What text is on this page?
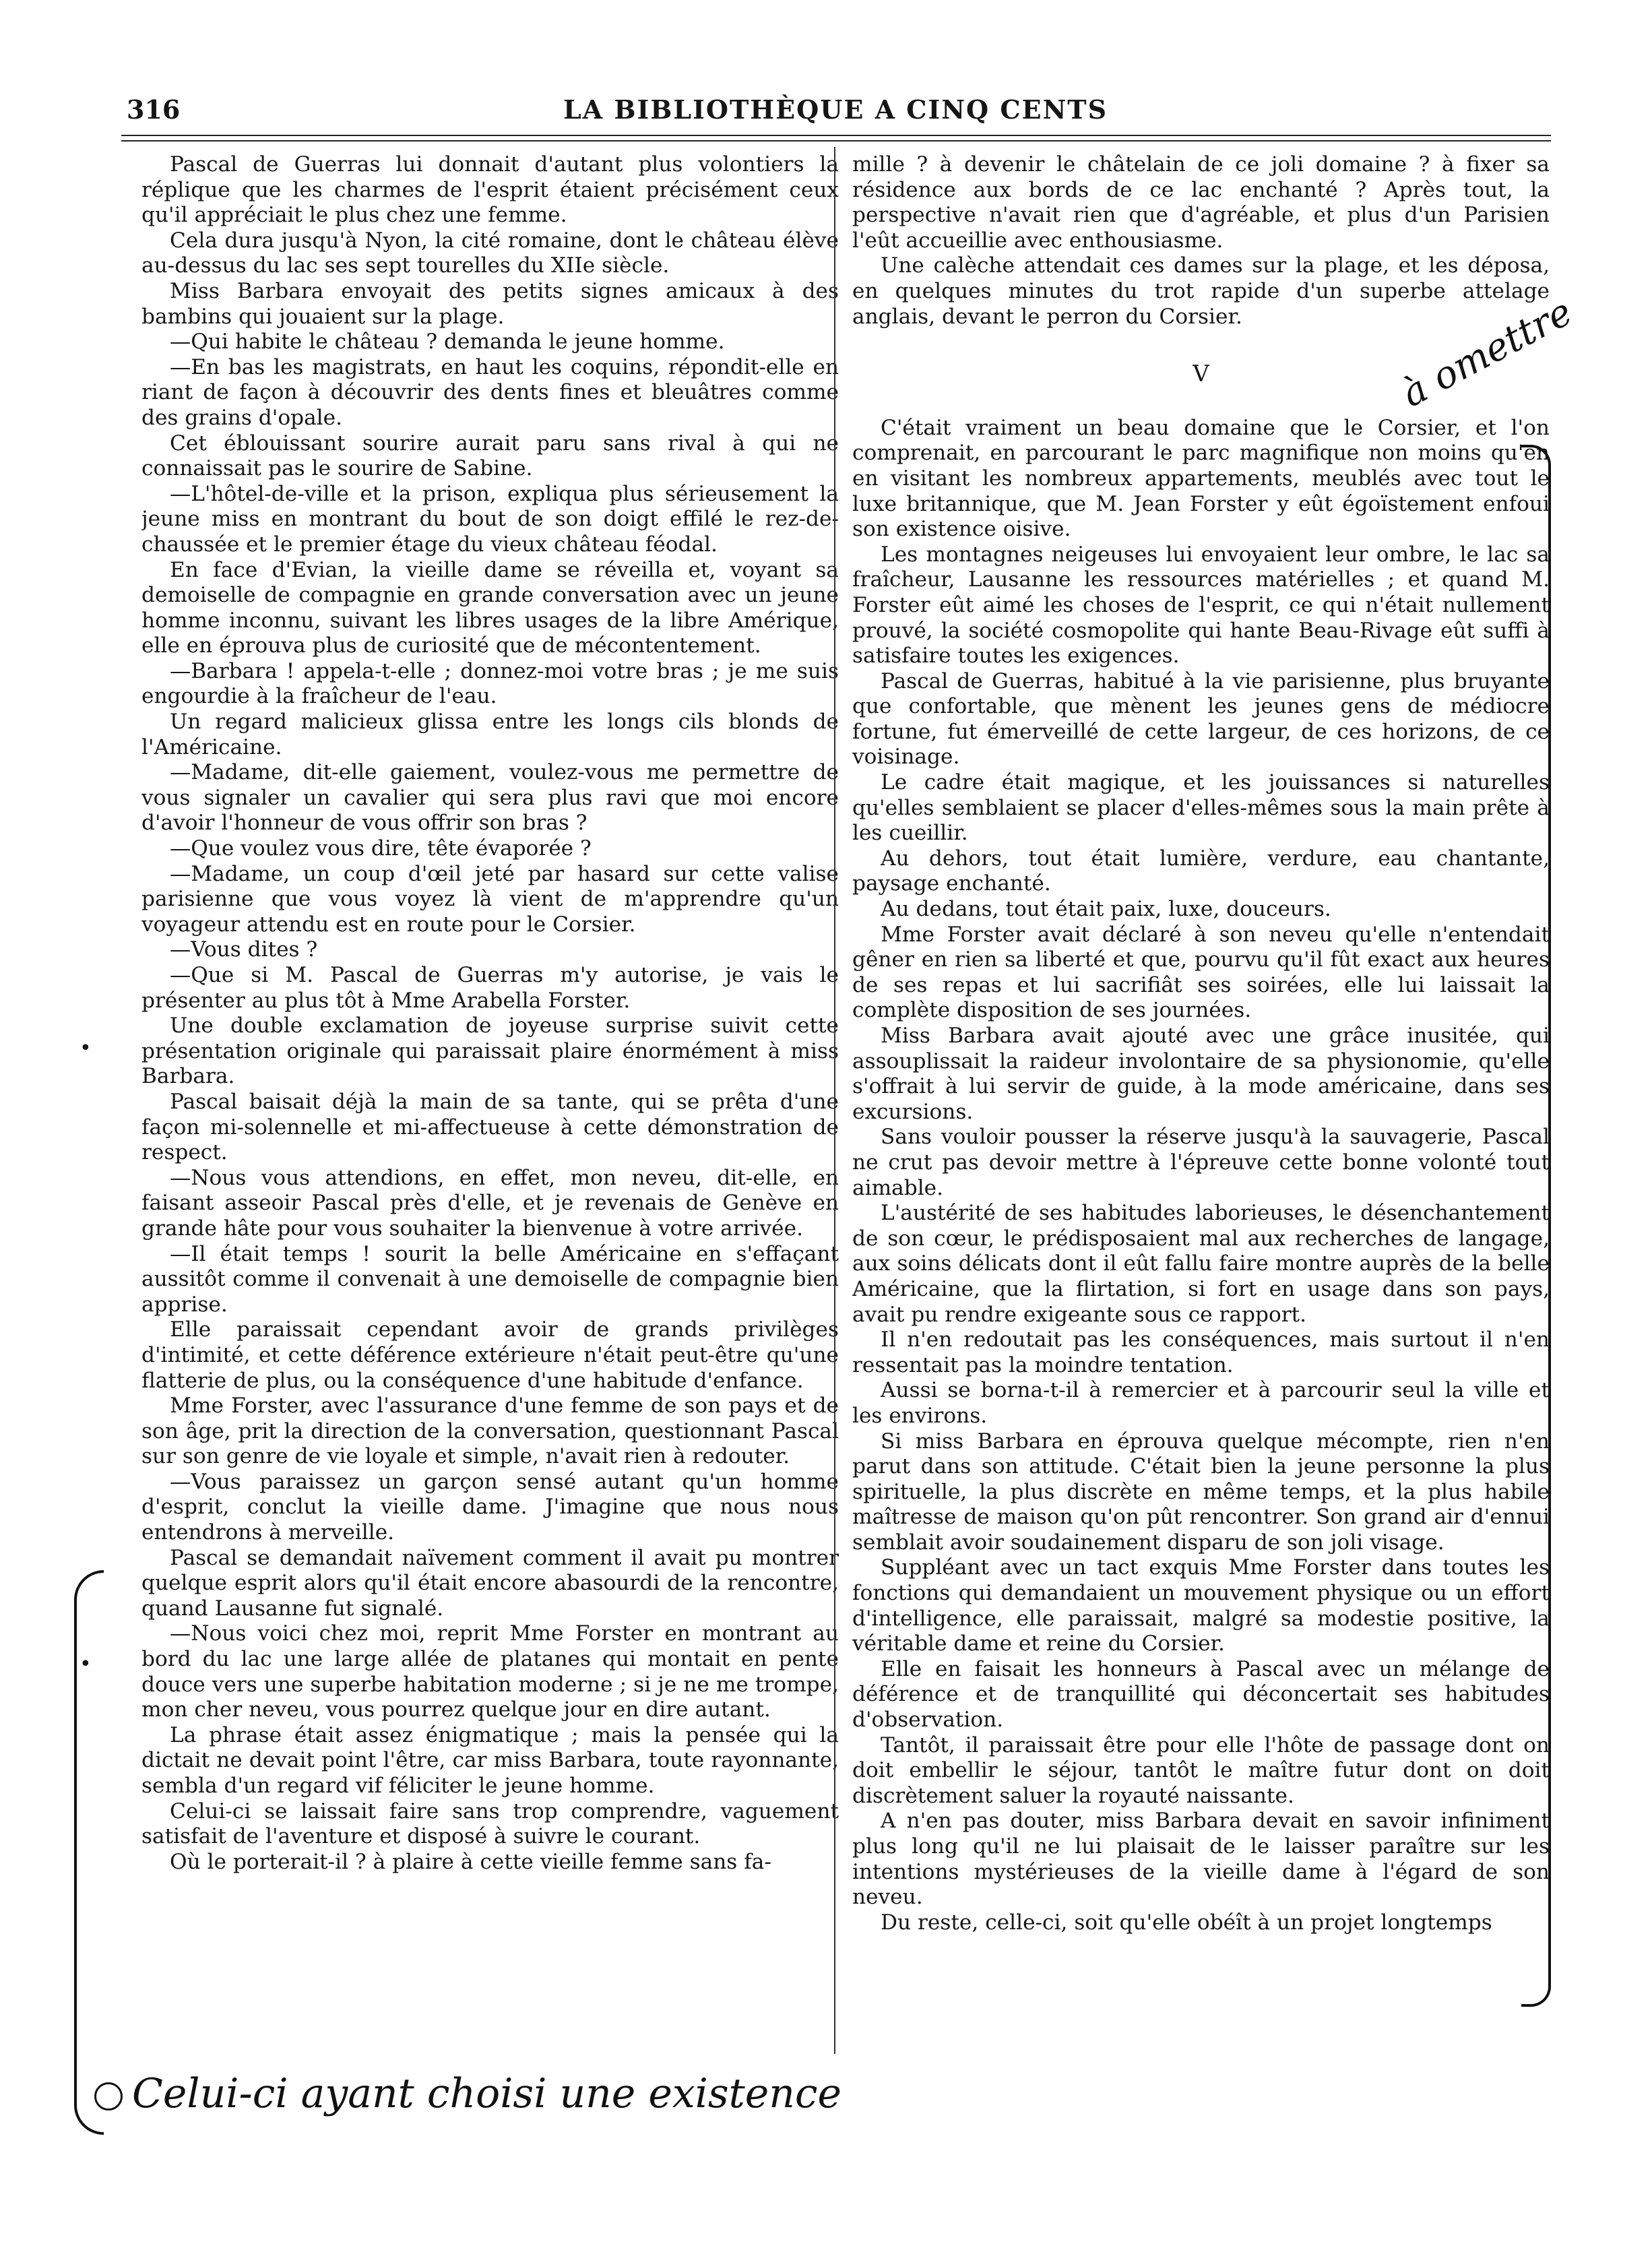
316	LA BIBLIOTHÈQUE A CINQ CENTS

Pascal de Guerras lui donnait d'autant plus volontiers la réplique que les charmes de l'esprit étaient précisément ceux qu'il appréciait le plus chez une femme.

Cela dura jusqu'à Nyon, la cité romaine, dont le château élève au-dessus du lac ses sept tourelles du XIIe siècle.

Miss Barbara envoyait des petits signes amicaux à des bambins qui jouaient sur la plage.

—Qui habite le château ? demanda le jeune homme.

—En bas les magistrats, en haut les coquins, répondit-elle en riant de façon à découvrir des dents fines et bleuâtres comme des grains d'opale.

Cet éblouissant sourire aurait paru sans rival à qui ne connaissait pas le sourire de Sabine.

—L'hôtel-de-ville et la prison, expliqua plus sérieusement la jeune miss en montrant du bout de son doigt effilé le rez-de-chaussée et le premier étage du vieux château féodal.

En face d'Evian, la vieille dame se réveilla et, voyant sa demoiselle de compagnie en grande conversation avec un jeune homme inconnu, suivant les libres usages de la libre Amérique, elle en éprouva plus de curiosité que de mécontentement.

—Barbara ! appela-t-elle ; donnez-moi votre bras ; je me suis engourdie à la fraîcheur de l'eau.

Un regard malicieux glissa entre les longs cils blonds de l'Américaine.

—Madame, dit-elle gaiement, voulez-vous me permettre de vous signaler un cavalier qui sera plus ravi que moi encore d'avoir l'honneur de vous offrir son bras ?

—Que voulez vous dire, tête évaporée ?

—Madame, un coup d'œil jeté par hasard sur cette valise parisienne que vous voyez là vient de m'apprendre qu'un voyageur attendu est en route pour le Corsier.

—Vous dites ?

—Que si M. Pascal de Guerras m'y autorise, je vais le présenter au plus tôt à Mme Arabella Forster.

Une double exclamation de joyeuse surprise suivit cette présentation originale qui paraissait plaire énormément à miss Barbara.

Pascal baisait déjà la main de sa tante, qui se prêta d'une façon mi-solennelle et mi-affectueuse à cette démonstration de respect.

—Nous vous attendions, en effet, mon neveu, dit-elle, en faisant asseoir Pascal près d'elle, et je revenais de Genève en grande hâte pour vous souhaiter la bienvenue à votre arrivée.

—Il était temps ! sourit la belle Américaine en s'effaçant aussitôt comme il convenait à une demoiselle de compagnie bien apprise.

Elle paraissait cependant avoir de grands privilèges d'intimité, et cette déférence extérieure n'était peut-être qu'une flatterie de plus, ou la conséquence d'une habitude d'enfance.

Mme Forster, avec l'assurance d'une femme de son pays et de son âge, prit la direction de la conversation, questionnant Pascal sur son genre de vie loyale et simple, n'avait rien à redouter.

—Vous paraissez un garçon sensé autant qu'un homme d'esprit, conclut la vieille dame. J'imagine que nous nous entendrons à merveille.

Pascal se demandait naïvement comment il avait pu montrer quelque esprit alors qu'il était encore abasourdi de la rencontre, quand Lausanne fut signalé.

—Nous voici chez moi, reprit Mme Forster en montrant au bord du lac une large allée de platanes qui montait en pente douce vers une superbe habitation moderne ; si je ne me trompe, mon cher neveu, vous pourrez quelque jour en dire autant.

La phrase était assez énigmatique ; mais la pensée qui la dictait ne devait point l'être, car miss Barbara, toute rayonnante, sembla d'un regard vif féliciter le jeune homme.

Celui-ci se laissait faire sans trop comprendre, vaguement satisfait de l'aventure et disposé à suivre le courant.

Où le porterait-il ? à plaire à cette vieille femme sans fa-

mille ? à devenir le châtelain de ce joli domaine ? à fixer sa résidence aux bords de ce lac enchanté ? Après tout, la perspective n'avait rien que d'agréable, et plus d'un Parisien l'eût accueillie avec enthousiasme.

Une calèche attendait ces dames sur la plage, et les déposa, en quelques minutes du trot rapide d'un superbe attelage anglais, devant le perron du Corsier.

V

C'était vraiment un beau domaine que le Corsier, et l'on comprenait, en parcourant le parc magnifique non moins qu'en en visitant les nombreux appartements, meublés avec tout le luxe britannique, que M. Jean Forster y eût égoïstement enfoui son existence oisive.

Les montagnes neigeuses lui envoyaient leur ombre, le lac sa fraîcheur, Lausanne les ressources matérielles ; et quand M. Forster eût aimé les choses de l'esprit, ce qui n'était nullement prouvé, la société cosmopolite qui hante Beau-Rivage eût suffi à satisfaire toutes les exigences.

Pascal de Guerras, habitué à la vie parisienne, plus bruyante que confortable, que mènent les jeunes gens de médiocre fortune, fut émerveillé de cette largeur, de ces horizons, de ce voisinage.

Le cadre était magique, et les jouissances si naturelles qu'elles semblaient se placer d'elles-mêmes sous la main prête à les cueillir.

Au dehors, tout était lumière, verdure, eau chantante, paysage enchanté.

Au dedans, tout était paix, luxe, douceurs.

Mme Forster avait déclaré à son neveu qu'elle n'entendait gêner en rien sa liberté et que, pourvu qu'il fût exact aux heures de ses repas et lui sacrifiât ses soirées, elle lui laissait la complète disposition de ses journées.

Miss Barbara avait ajouté avec une grâce inusitée, qui assouplissait la raideur involontaire de sa physionomie, qu'elle s'offrait à lui servir de guide, à la mode américaine, dans ses excursions.

Sans vouloir pousser la réserve jusqu'à la sauvagerie, Pascal ne crut pas devoir mettre à l'épreuve cette bonne volonté tout aimable.

L'austérité de ses habitudes laborieuses, le désenchantement de son cœur, le prédisposaient mal aux recherches de langage, aux soins délicats dont il eût fallu faire montre auprès de la belle Américaine, que la flirtation, si fort en usage dans son pays, avait pu rendre exigeante sous ce rapport.

Il n'en redoutait pas les conséquences, mais surtout il n'en ressentait pas la moindre tentation.

Aussi se borna-t-il à remercier et à parcourir seul la ville et les environs.

Si miss Barbara en éprouva quelque mécompte, rien n'en parut dans son attitude. C'était bien la jeune personne la plus spirituelle, la plus discrète en même temps, et la plus habile maîtresse de maison qu'on pût rencontrer. Son grand air d'ennui semblait avoir soudainement disparu de son joli visage.

Suppléant avec un tact exquis Mme Forster dans toutes les fonctions qui demandaient un mouvement physique ou un effort d'intelligence, elle paraissait, malgré sa modestie positive, la véritable dame et reine du Corsier.

Elle en faisait les honneurs à Pascal avec un mélange de déférence et de tranquillité qui déconcertait ses habitudes d'observation.

Tantôt, il paraissait être pour elle l'hôte de passage dont on doit embellir le séjour, tantôt le maître futur dont on doit discrètement saluer la royauté naissante.

A n'en pas douter, miss Barbara devait en savoir infiniment plus long qu'il ne lui plaisait de le laisser paraître sur les intentions mystérieuses de la vieille dame à l'égard de son neveu.

Du reste, celle-ci, soit qu'elle obéît à un projet longtemps

•
•
à omettre
Celui-ci ayant choisi une existence
